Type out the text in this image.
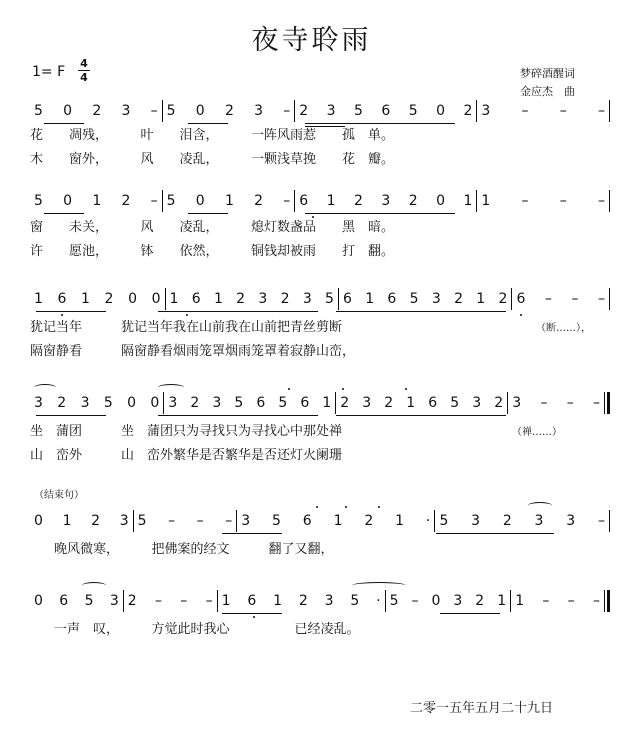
夜寺聆雨
1= F
4
4	梦碎酒醒词
金应杰　曲
5 0 2 3 – 5 0 2 3 – 2 3 5 6 5 0 2 3 – – –
花　　凋残，　　　叶　　泪含，　　　一阵风雨惹　　孤　单。
木　　窗外，　　　风　　凌乱，　　　一颗浅草挽　　花　瓣。
5 0 1 2 – 5 0 1 2 – 6 1 2 3 2 0 1 1 – – –
窗　　未关，　　　风　　凌乱，　　　熄灯数盏品　　黑　暗。
许　　愿池，　　　钵　　依然，　　　铜钱却被雨　　打　翻。
1 6 1 2 0 0 1 6 1 2 3 2 3 5 6 1 6 5 3 2 1 2 6 – – –
犹记当年　　　犹记当年我在山前我在山前把青丝剪断	（断……），
隔窗静看　　　隔窗静看烟雨笼罩烟雨笼罩着寂静山峦，
3 2 3 5 0 0 3 2 3 5 6 5 6 1 2 3 2 1 6 5 3 2 3 – – –
坐　蒲团　　　坐　蒲团只为寻找只为寻找心中那处禅	（禅……）
山　峦外　　　山　峦外繁华是否繁华是否还灯火阑珊
（结束句）
0 1 2 3 5 – – – 3 5 6 1 2 1 · 5 3 2 3 3 –
晚风微寒，　　　把佛案的经文　　　翻了又翻，
0 6 5 3 2 – – – 1 6 1 2 3 5 · 5 – 0 3 2 1 1 – – –
一声　叹，　　　方觉此时我心　　　　　已经凌乱。
二零一五年五月二十九日
